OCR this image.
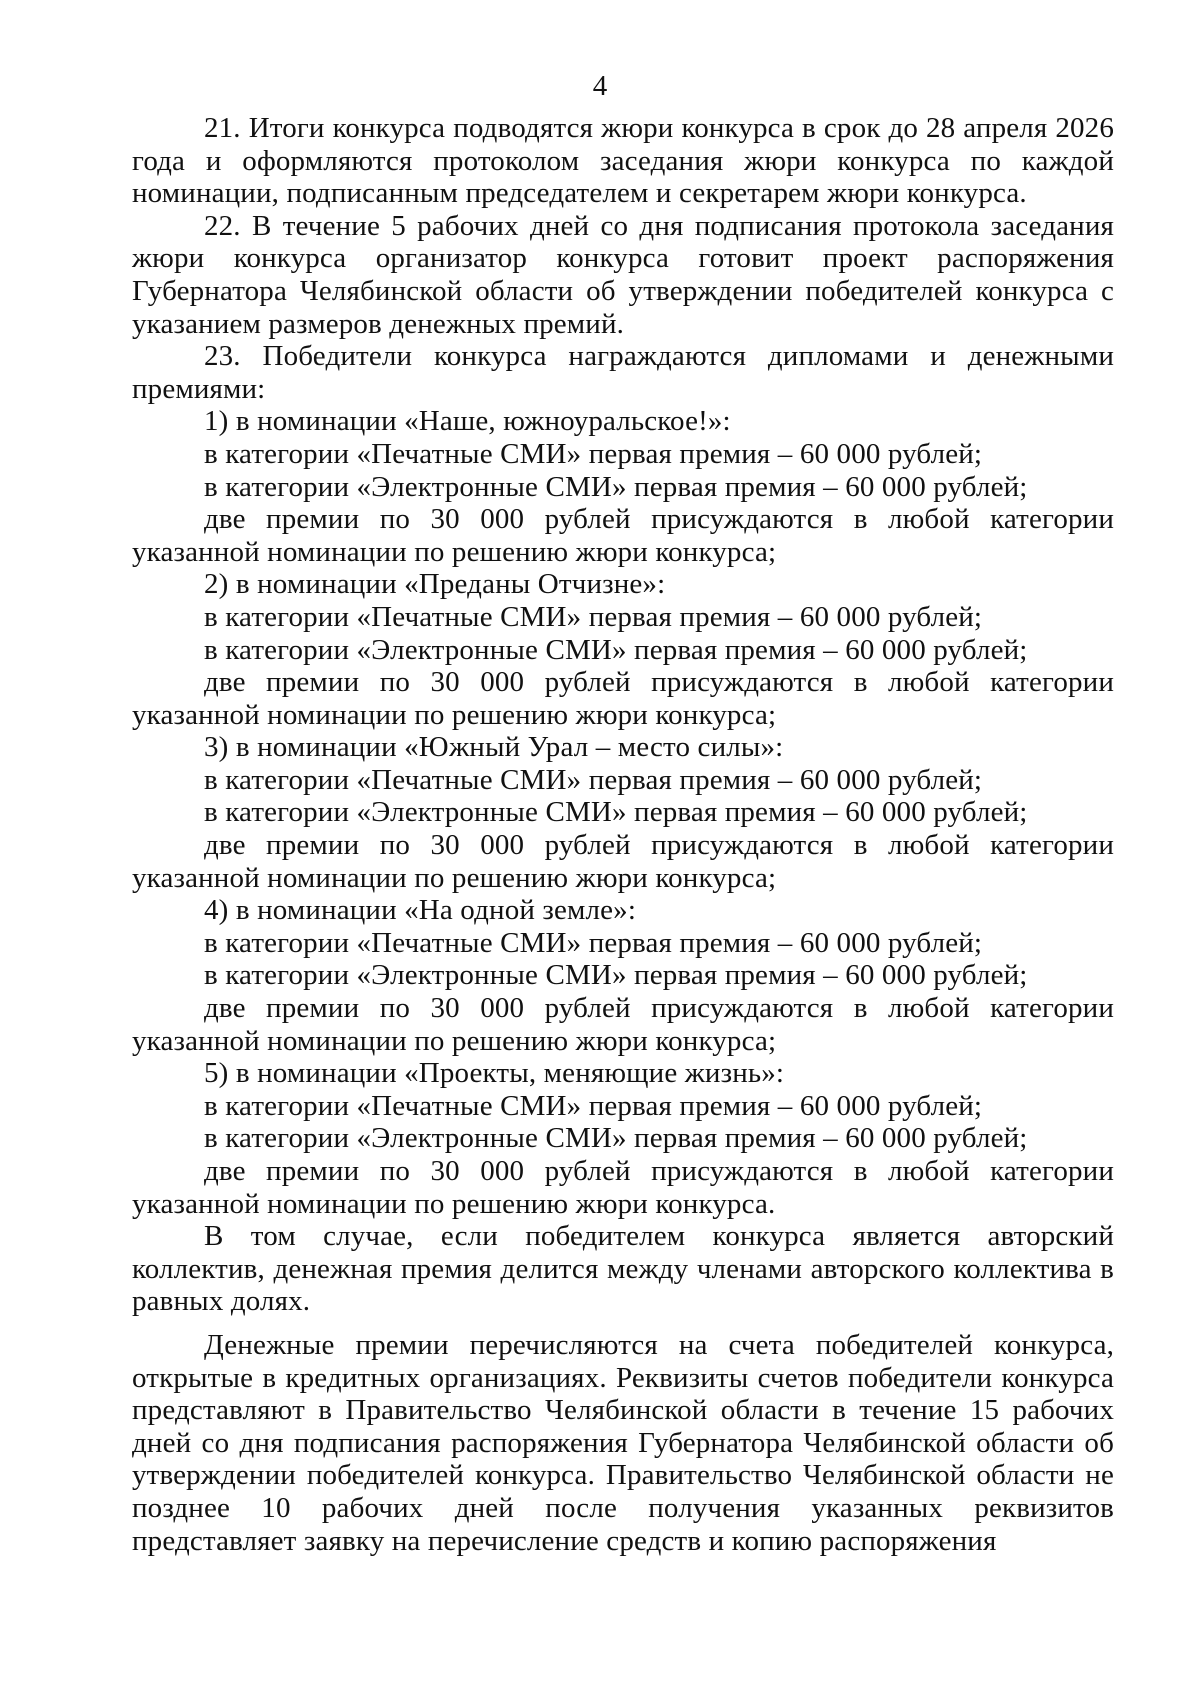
4

21. Итоги конкурса подводятся жюри конкурса в срок до 28 апреля 2026 года и оформляются протоколом заседания жюри конкурса по каждой номинации, подписанным председателем и секретарем жюри конкурса.

22. В течение 5 рабочих дней со дня подписания протокола заседания жюри конкурса организатор конкурса готовит проект распоряжения Губернатора Челябинской области об утверждении победителей конкурса с указанием размеров денежных премий.

23. Победители конкурса награждаются дипломами и денежными премиями:

1) в номинации «Наше, южноуральское!»:

в категории «Печатные СМИ» первая премия – 60 000 рублей;

в категории «Электронные СМИ» первая премия – 60 000 рублей;

две премии по 30 000 рублей присуждаются в любой категории указанной номинации по решению жюри конкурса;

2) в номинации «Преданы Отчизне»:

в категории «Печатные СМИ» первая премия – 60 000 рублей;

в категории «Электронные СМИ» первая премия – 60 000 рублей;

две премии по 30 000 рублей присуждаются в любой категории указанной номинации по решению жюри конкурса;

3) в номинации «Южный Урал – место силы»:

в категории «Печатные СМИ» первая премия – 60 000 рублей;

в категории «Электронные СМИ» первая премия – 60 000 рублей;

две премии по 30 000 рублей присуждаются в любой категории указанной номинации по решению жюри конкурса;

4) в номинации «На одной земле»:

в категории «Печатные СМИ» первая премия – 60 000 рублей;

в категории «Электронные СМИ» первая премия – 60 000 рублей;

две премии по 30 000 рублей присуждаются в любой категории указанной номинации по решению жюри конкурса;

5) в номинации «Проекты, меняющие жизнь»:

в категории «Печатные СМИ» первая премия – 60 000 рублей;

в категории «Электронные СМИ» первая премия – 60 000 рублей;

две премии по 30 000 рублей присуждаются в любой категории указанной номинации по решению жюри конкурса.

В том случае, если победителем конкурса является авторский коллектив, денежная премия делится между членами авторского коллектива в равных долях.

Денежные премии перечисляются на счета победителей конкурса, открытые в кредитных организациях. Реквизиты счетов победители конкурса представляют в Правительство Челябинской области в течение 15 рабочих дней со дня подписания распоряжения Губернатора Челябинской области об утверждении победителей конкурса. Правительство Челябинской области не позднее 10 рабочих дней после получения указанных реквизитов представляет заявку на перечисление средств и копию распоряжения
